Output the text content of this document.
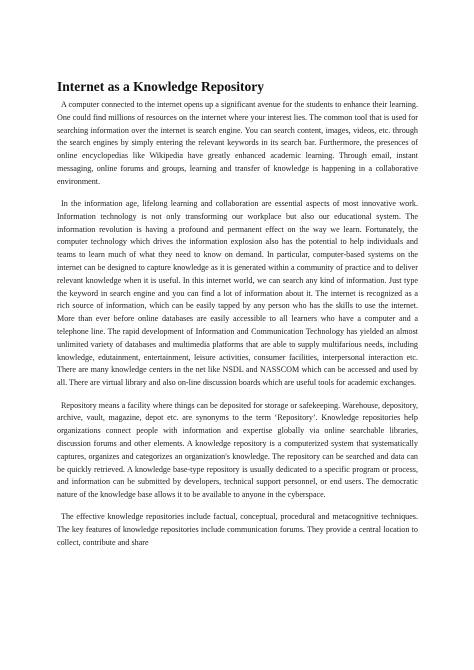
Internet as a Knowledge Repository

A computer connected to the internet opens up a significant avenue for the students to enhance their learning. One could find millions of resources on the internet where your interest lies. The common tool that is used for searching information over the internet is search engine. You can search content, images, videos, etc. through the search engines by simply entering the relevant keywords in its search bar. Furthermore, the presences of online encyclopedias like Wikipedia have greatly enhanced academic learning. Through email, instant messaging, online forums and groups, learning and transfer of knowledge is happening in a collaborative environment.

In the information age, lifelong learning and collaboration are essential aspects of most innovative work. Information technology is not only transforming our workplace but also our educational system. The information revolution is having a profound and permanent effect on the way we learn. Fortunately, the computer technology which drives the information explosion also has the potential to help individuals and teams to learn much of what they need to know on demand. In particular, computer-based systems on the internet can be designed to capture knowledge as it is generated within a community of practice and to deliver relevant knowledge when it is useful. In this internet world, we can search any kind of information. Just type the keyword in search engine and you can find a lot of information about it. The internet is recognized as a rich source of information, which can be easily tapped by any person who has the skills to use the internet. More than ever before online databases are easily accessible to all learners who have a computer and a telephone line. The rapid development of Information and Communication Technology has yielded an almost unlimited variety of databases and multimedia platforms that are able to supply multifarious needs, including knowledge, edutainment, entertainment, leisure activities, consumer facilities, interpersonal interaction etc. There are many knowledge centers in the net like NSDL and NASSCOM which can be accessed and used by all. There are virtual library and also on-line discussion boards which are useful tools for academic exchanges.

Repository means a facility where things can be deposited for storage or safekeeping. Warehouse, depository, archive, vault, magazine, depot etc. are synonyms to the term ‘Repository’. Knowledge repositories help organizations connect people with information and expertise globally via online searchable libraries, discussion forums and other elements. A knowledge repository is a computerized system that systematically captures, organizes and categorizes an organization's knowledge. The repository can be searched and data can be quickly retrieved. A knowledge base-type repository is usually dedicated to a specific program or process, and information can be submitted by developers, technical support personnel, or end users. The democratic nature of the knowledge base allows it to be available to anyone in the cyberspace.

The effective knowledge repositories include factual, conceptual, procedural and metacognitive techniques. The key features of knowledge repositories include communication forums. They provide a central location to collect, contribute and share
